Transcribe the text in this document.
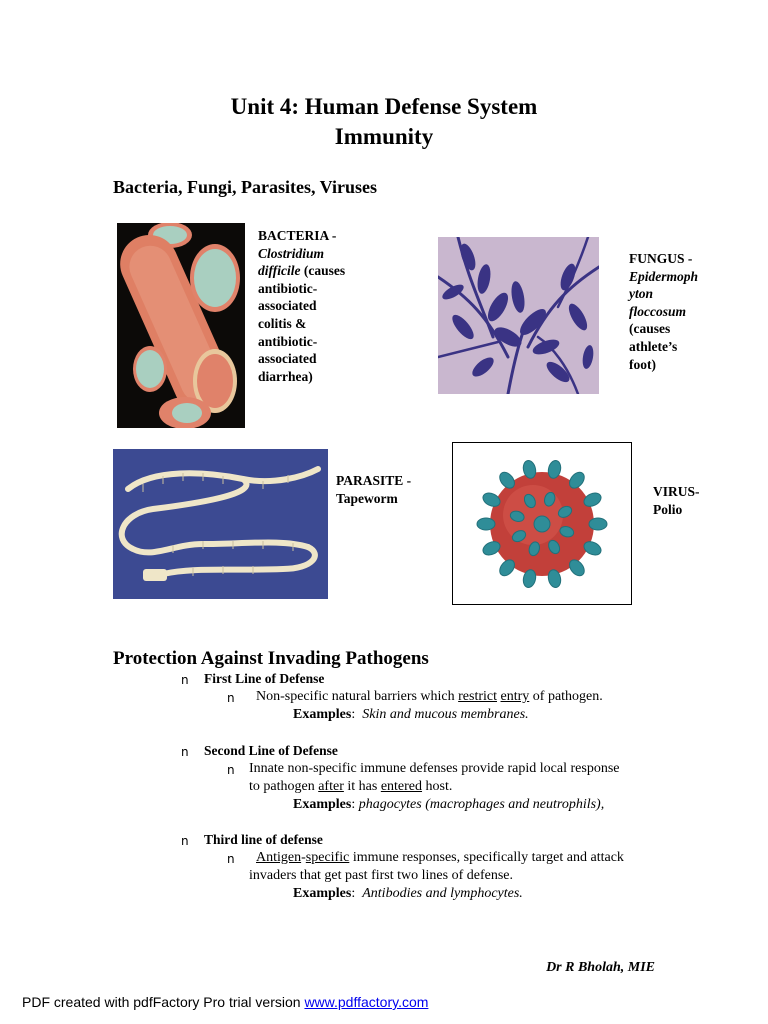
Unit 4: Human Defense System
Immunity
Bacteria, Fungi, Parasites, Viruses
BACTERIA -
Clostridium
difficile (causes
antibiotic-
associated
colitis &
antibiotic-
associated
diarrhea)
FUNGUS -
Epidermoph
yton
floccosum
(causes
athlete’s
foot)
PARASITE -
Tapeworm	VIRUS-
Polio
Protection Against Invading Pathogens
n First Line of Defense
n Non-specific natural barriers which restrict entry of pathogen.
Examples:  Skin and mucous membranes.
n Second Line of Defense
n Innate non-specific immune defenses provide rapid local response
to pathogen after it has entered host.
Examples: phagocytes (macrophages and neutrophils),
n Third line of defense
n Antigen-specific immune responses, specifically target and attack
invaders that get past first two lines of defense.
Examples:  Antibodies and lymphocytes.
Dr R Bholah, MIE
PDF created with pdfFactory Pro trial version www.pdffactory.com
